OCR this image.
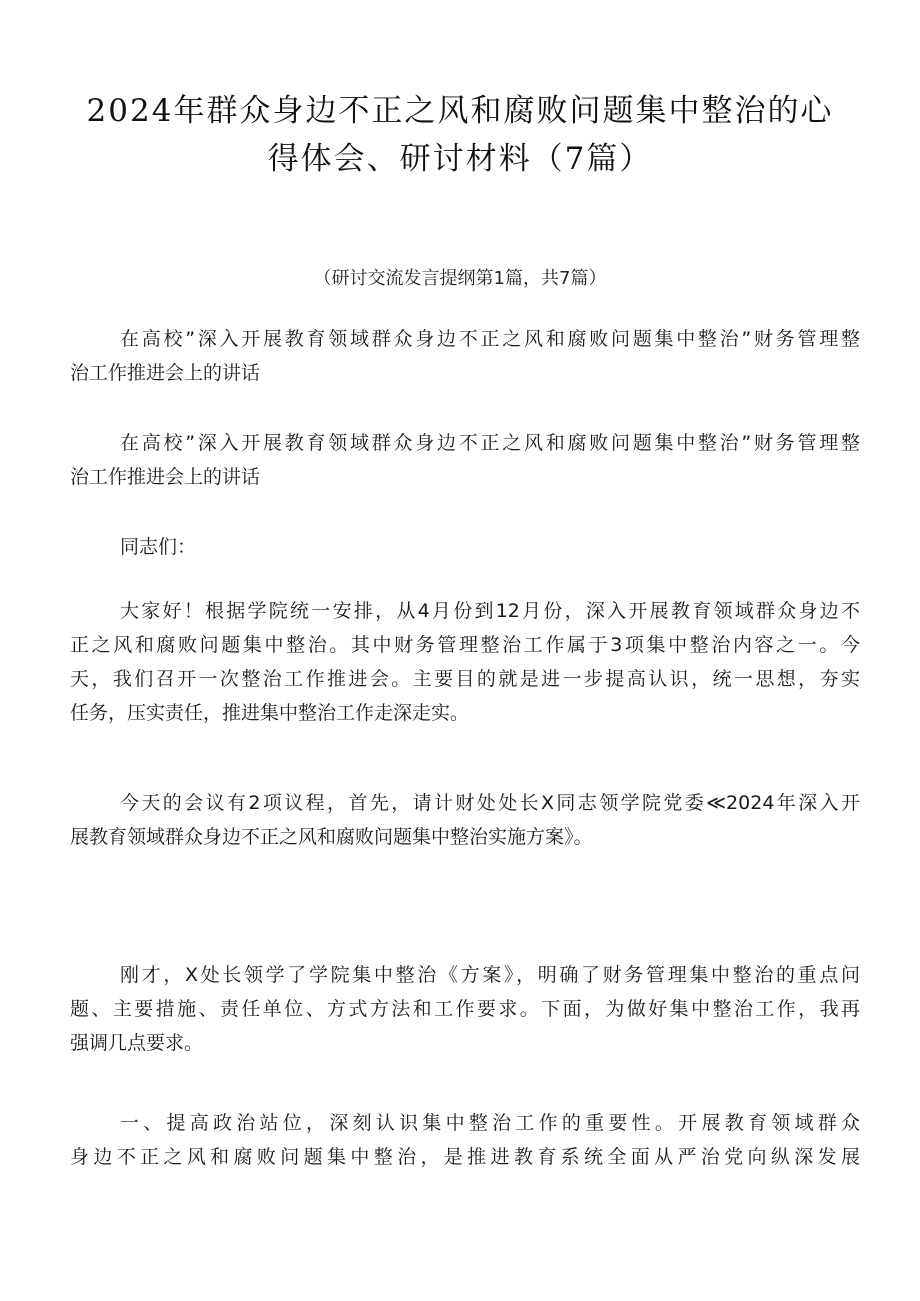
2024年群众身边不正之风和腐败问题集中整治的心
得体会、研讨材料（7篇）
（研讨交流发言提纲第1篇，共7篇）
在高校”深入开展教育领域群众身边不正之风和腐败问题集中整治”财务管理整
治工作推进会上的讲话
在高校”深入开展教育领域群众身边不正之风和腐败问题集中整治”财务管理整
治工作推进会上的讲话
同志们：
大家好！根据学院统一安排，从4月份到12月份，深入开展教育领域群众身边不
正之风和腐败问题集中整治。其中财务管理整治工作属于3项集中整治内容之一。今
天，我们召开一次整治工作推进会。主要目的就是进一步提高认识，统一思想，夯实
任务，压实责任，推进集中整治工作走深走实。
今天的会议有2项议程，首先，请计财处处长X同志领学院党委≪2024年深入开
展教育领域群众身边不正之风和腐败问题集中整治实施方案》。
刚才，X处长领学了学院集中整治《方案》，明确了财务管理集中整治的重点问
题、主要措施、责任单位、方式方法和工作要求。下面，为做好集中整治工作，我再
强调几点要求。
一、提高政治站位，深刻认识集中整治工作的重要性。开展教育领域群众
身边不正之风和腐败问题集中整治，是推进教育系统全面从严治党向纵深发展
